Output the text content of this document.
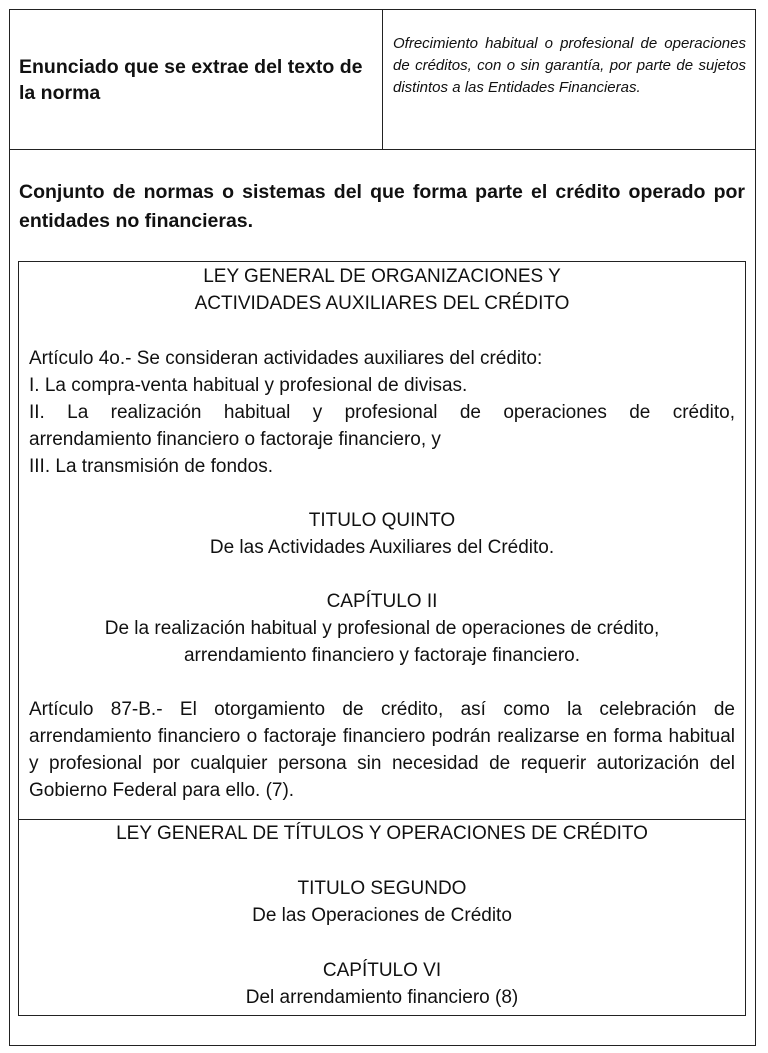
Enunciado que se extrae del texto de la norma
Ofrecimiento habitual o profesional de operaciones de créditos, con o sin garantía, por parte de sujetos distintos a las Entidades Financieras.
Conjunto de normas o sistemas del que forma parte el crédito operado por entidades no financieras.
LEY GENERAL DE ORGANIZACIONES Y
ACTIVIDADES AUXILIARES DEL CRÉDITO
Artículo 4o.- Se consideran actividades auxiliares del crédito:
I. La compra-venta habitual y profesional de divisas.
II. La realización habitual y profesional de operaciones de crédito,
arrendamiento financiero o factoraje financiero, y
III. La transmisión de fondos.
TITULO QUINTO
De las Actividades Auxiliares del Crédito.
CAPÍTULO II
De la realización habitual y profesional de operaciones de crédito,
arrendamiento financiero y factoraje financiero.
Artículo 87-B.- El otorgamiento de crédito, así como la celebración de arrendamiento financiero o factoraje financiero podrán realizarse en forma habitual y profesional por cualquier persona sin necesidad de requerir autorización del Gobierno Federal para ello. (7).
LEY GENERAL DE TÍTULOS Y OPERACIONES DE CRÉDITO
TITULO SEGUNDO
De las Operaciones de Crédito
CAPÍTULO VI
Del arrendamiento financiero (8)
